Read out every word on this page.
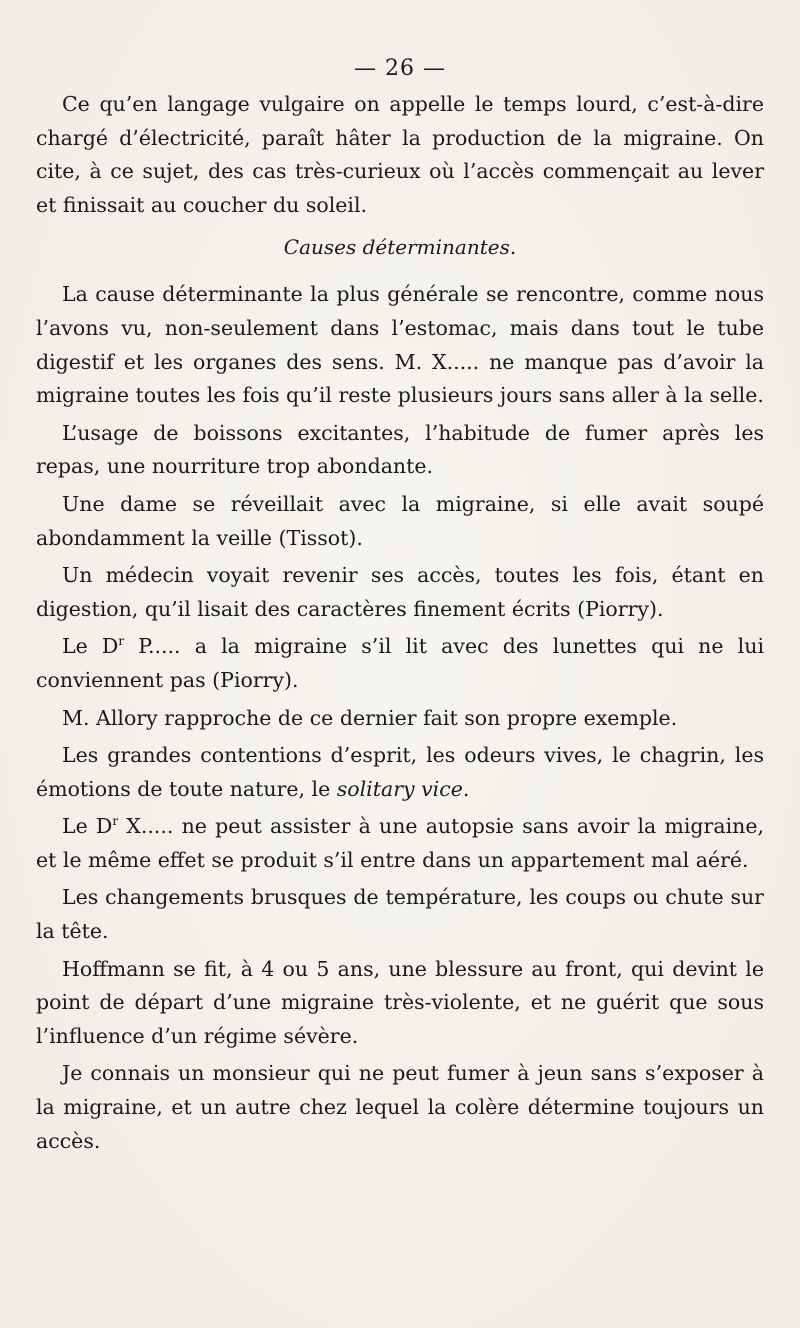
— 26 —

Ce qu’en langage vulgaire on appelle le temps lourd, c’est-à-dire chargé d’électricité, paraît hâter la production de la migraine. On cite, à ce sujet, des cas très-curieux où l’accès commençait au lever et finissait au coucher du soleil.

Causes déterminantes.

La cause déterminante la plus générale se rencontre, comme nous l’avons vu, non-seulement dans l’estomac, mais dans tout le tube digestif et les organes des sens. M. X..... ne manque pas d’avoir la migraine toutes les fois qu’il reste plusieurs jours sans aller à la selle.

L’usage de boissons excitantes, l’habitude de fumer après les repas, une nourriture trop abondante.

Une dame se réveillait avec la migraine, si elle avait soupé abondamment la veille (Tissot).

Un médecin voyait revenir ses accès, toutes les fois, étant en digestion, qu’il lisait des caractères finement écrits (Piorry).

Le $D^r$ P..... a la migraine s’il lit avec des lunettes qui ne lui conviennent pas (Piorry).

M. Allory rapproche de ce dernier fait son propre exemple.

Les grandes contentions d’esprit, les odeurs vives, le chagrin, les émotions de toute nature, le solitary vice.

Le $D^r$ X..... ne peut assister à une autopsie sans avoir la migraine, et le même effet se produit s’il entre dans un appartement mal aéré.

Les changements brusques de température, les coups ou chute sur la tête.

Hoffmann se fit, à 4 ou 5 ans, une blessure au front, qui devint le point de départ d’une migraine très-violente, et ne guérit que sous l’influence d’un régime sévère.

Je connais un monsieur qui ne peut fumer à jeun sans s’exposer à la migraine, et un autre chez lequel la colère détermine toujours un accès.
